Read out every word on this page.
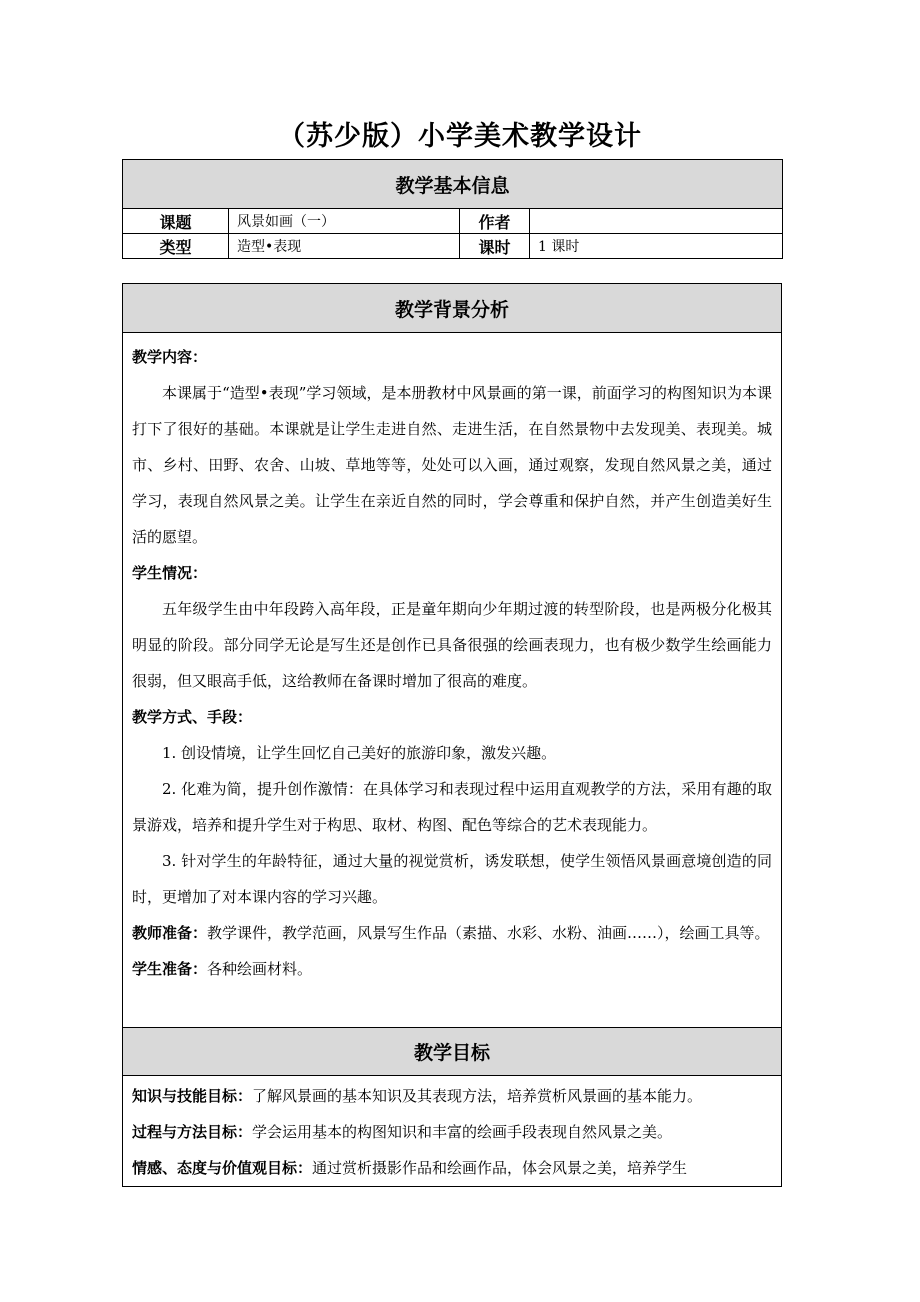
（苏少版）小学美术教学设计
教学基本信息			
课题	风景如画（一）	作者	
类型	造型•表现	课时	1 课时
教学背景分析

教学内容：

本课属于“造型•表现”学习领域，是本册教材中风景画的第一课，前面学习的构图知识为本课打下了很好的基础。本课就是让学生走进自然、走进生活，在自然景物中去发现美、表现美。城市、乡村、田野、农舍、山坡、草地等等，处处可以入画，通过观察，发现自然风景之美，通过学习，表现自然风景之美。让学生在亲近自然的同时，学会尊重和保护自然，并产生创造美好生活的愿望。

学生情况：

五年级学生由中年段跨入高年段，正是童年期向少年期过渡的转型阶段，也是两极分化极其明显的阶段。部分同学无论是写生还是创作已具备很强的绘画表现力，也有极少数学生绘画能力很弱，但又眼高手低，这给教师在备课时增加了很高的难度。

教学方式、手段：

1. 创设情境，让学生回忆自己美好的旅游印象，激发兴趣。

2. 化难为简，提升创作激情：在具体学习和表现过程中运用直观教学的方法，采用有趣的取景游戏，培养和提升学生对于构思、取材、构图、配色等综合的艺术表现能力。

3. 针对学生的年龄特征，通过大量的视觉赏析，诱发联想，使学生领悟风景画意境创造的同时，更增加了对本课内容的学习兴趣。

教师准备：教学课件，教学范画，风景写生作品（素描、水彩、水粉、油画……），绘画工具等。

学生准备：各种绘画材料。

教学目标

知识与技能目标：了解风景画的基本知识及其表现方法，培养赏析风景画的基本能力。

过程与方法目标：学会运用基本的构图知识和丰富的绘画手段表现自然风景之美。

情感、态度与价值观目标：通过赏析摄影作品和绘画作品，体会风景之美，培养学生
